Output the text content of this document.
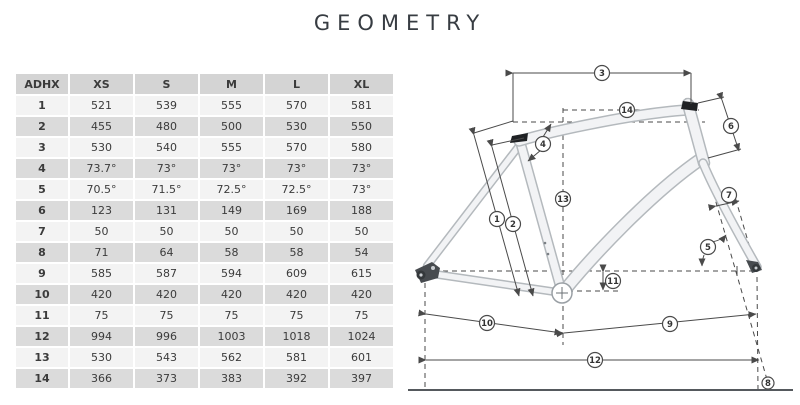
GEOMETRY
ADHX	XS	S	M	L	XL
1	521	539	555	570	581
2	455	480	500	530	550
3	530	540	555	570	580
4	73.7°	73°	73°	73°	73°
5	70.5°	71.5°	72.5°	72.5°	73°
6	123	131	149	169	188
7	50	50	50	50	50
8	71	64	58	58	54
9	585	587	594	609	615
10	420	420	420	420	420
11	75	75	75	75	75
12	994	996	1003	1018	1024
13	530	543	562	581	601
14	366	373	383	392	397
1 2
3
4
5
6
7
8
9
10
11
12
13
14
